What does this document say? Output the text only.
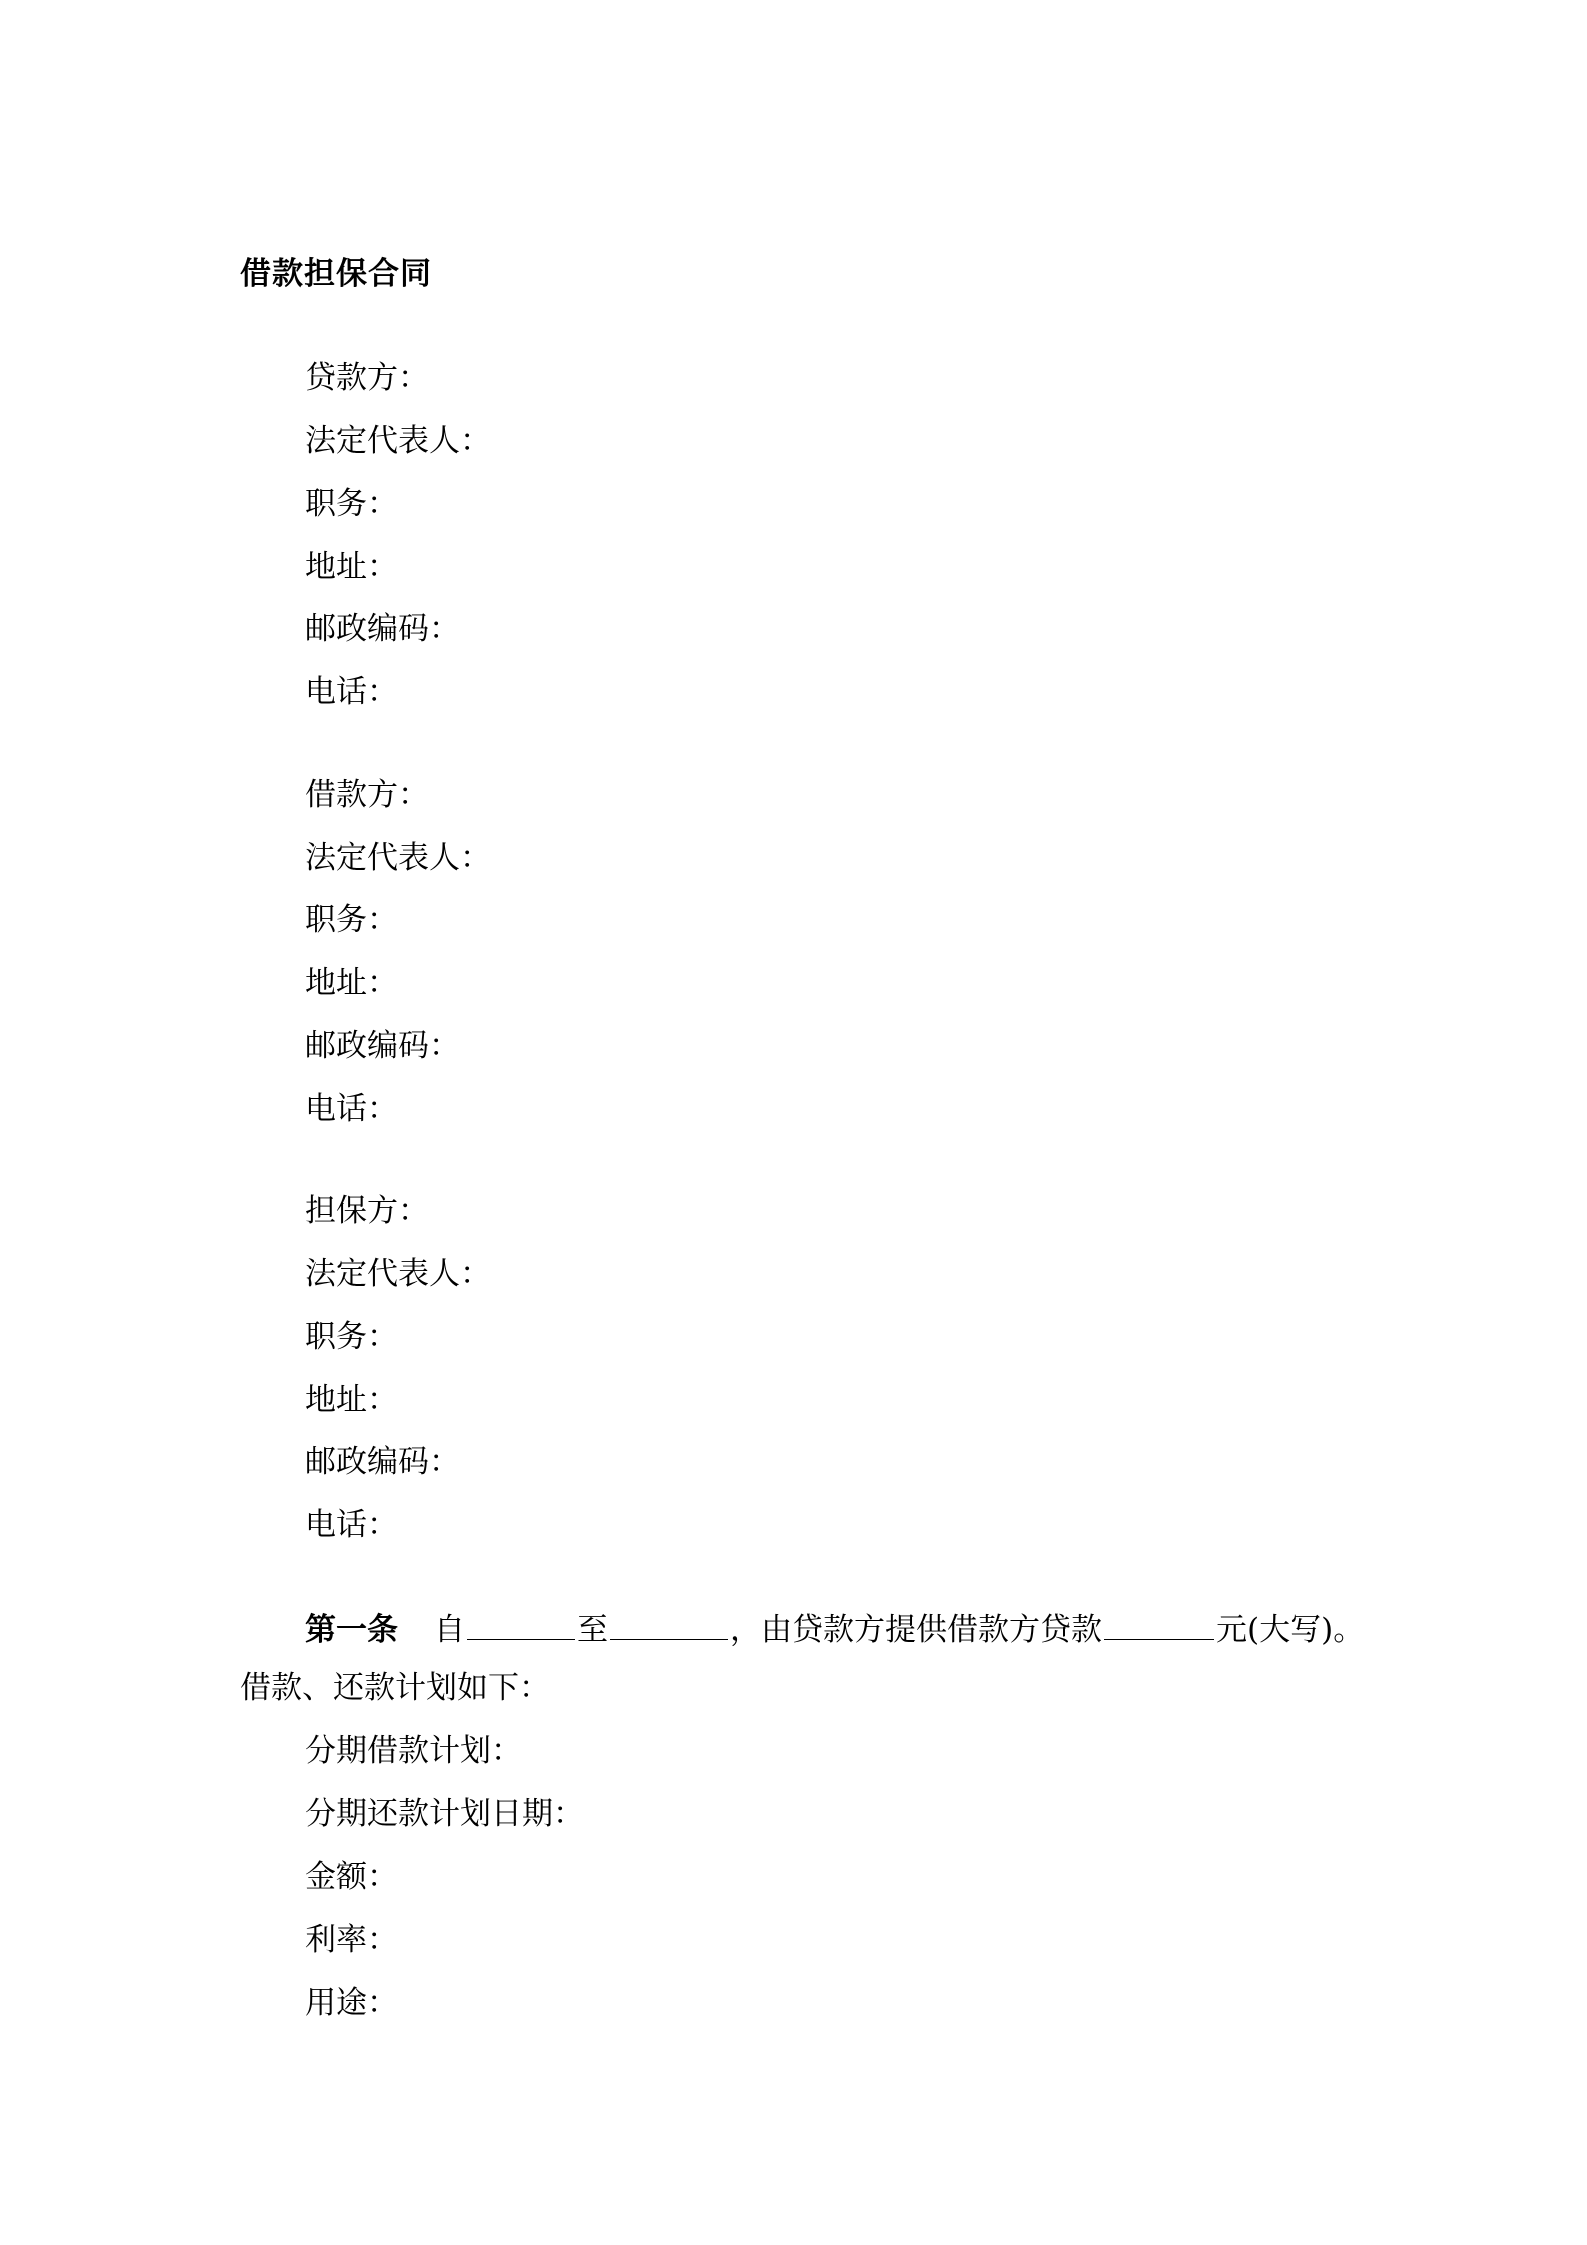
借款担保合同
贷款方：
法定代表人：
职务：
地址：
邮政编码：
电话：
借款方：
法定代表人：
职务：
地址：
邮政编码：
电话：
担保方：
法定代表人：
职务：
地址：
邮政编码：
电话：
第一条 自	至	，由贷款方提供借款方贷款	元(大写)。
借款、还款计划如下：
分期借款计划：
分期还款计划日期：
金额：
利率：
用途：
